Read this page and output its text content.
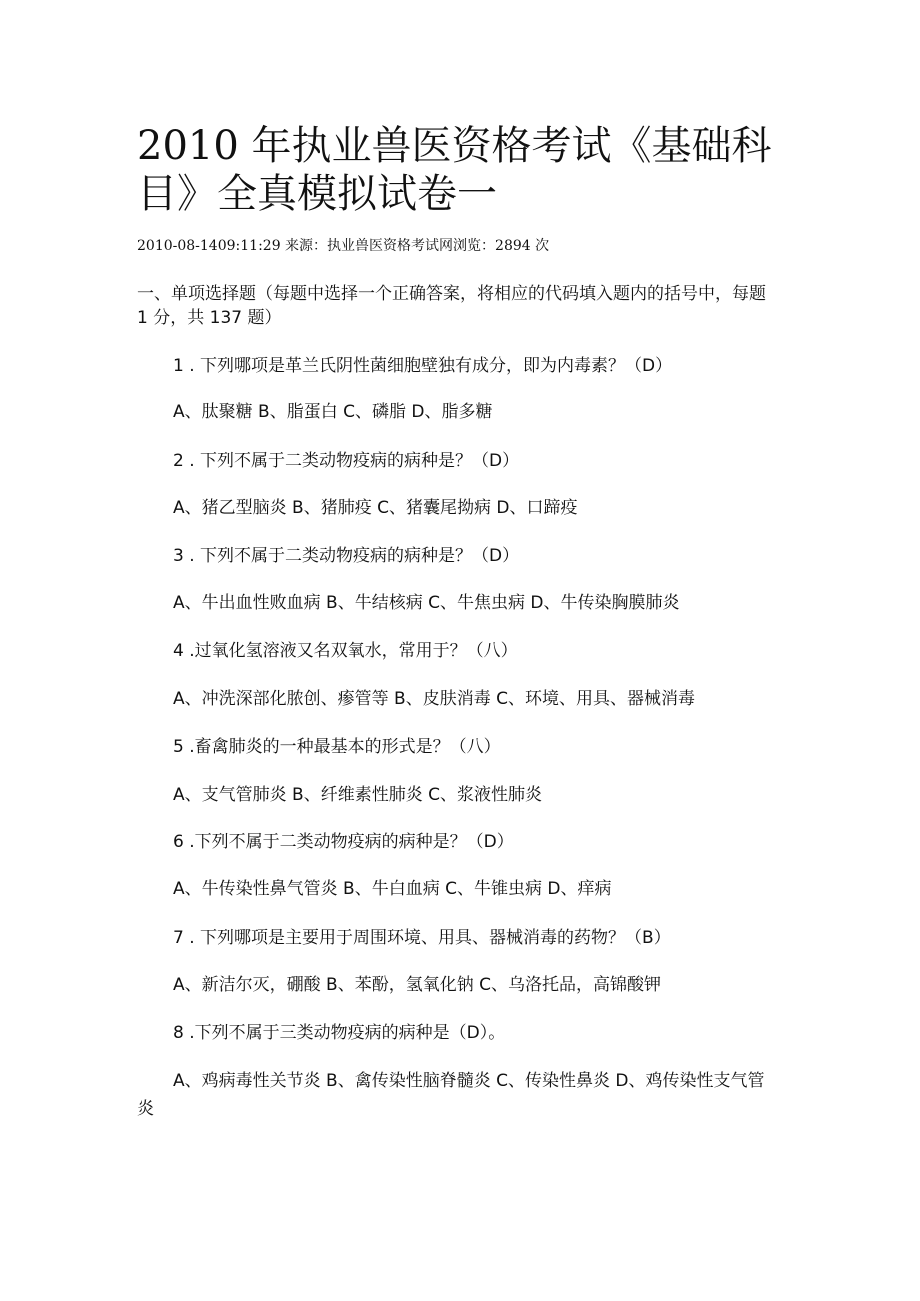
2010 年执业兽医资格考试《基础科目》全真模拟试卷一
2010-08-1409:11:29 来源：执业兽医资格考试网浏览：2894 次
一、单项选择题（每题中选择一个正确答案，将相应的代码填入题内的括号中，每题 1 分，共 137 题）
1 . 下列哪项是革兰氏阴性菌细胞壁独有成分，即为内毒素？（D）
A、肽聚糖 B、脂蛋白 C、磷脂 D、脂多糖
2 . 下列不属于二类动物疫病的病种是？（D）
A、猪乙型脑炎 B、猪肺疫 C、猪囊尾拗病 D、口蹄疫
3 . 下列不属于二类动物疫病的病种是？（D）
A、牛出血性败血病 B、牛结核病 C、牛焦虫病 D、牛传染胸膜肺炎
4 .过氧化氢溶液又名双氧水，常用于？（八）
A、冲洗深部化脓创、瘆管等 B、皮肤消毒 C、环境、用具、器械消毒
5 .畜禽肺炎的一种最基本的形式是？（八）
A、支气管肺炎 B、纤维素性肺炎 C、浆液性肺炎
6 .下列不属于二类动物疫病的病种是？（D）
A、牛传染性鼻气管炎 B、牛白血病 C、牛锥虫病 D、痒病
7 . 下列哪项是主要用于周围环境、用具、器械消毒的药物？（B）
A、新洁尔灭，硼酸 B、苯酚，氢氧化钠 C、乌洛托品，高锦酸钾
8 .下列不属于三类动物疫病的病种是（D）。
A、鸡病毒性关节炎 B、禽传染性脑脊髓炎 C、传染性鼻炎 D、鸡传染性支气管炎
